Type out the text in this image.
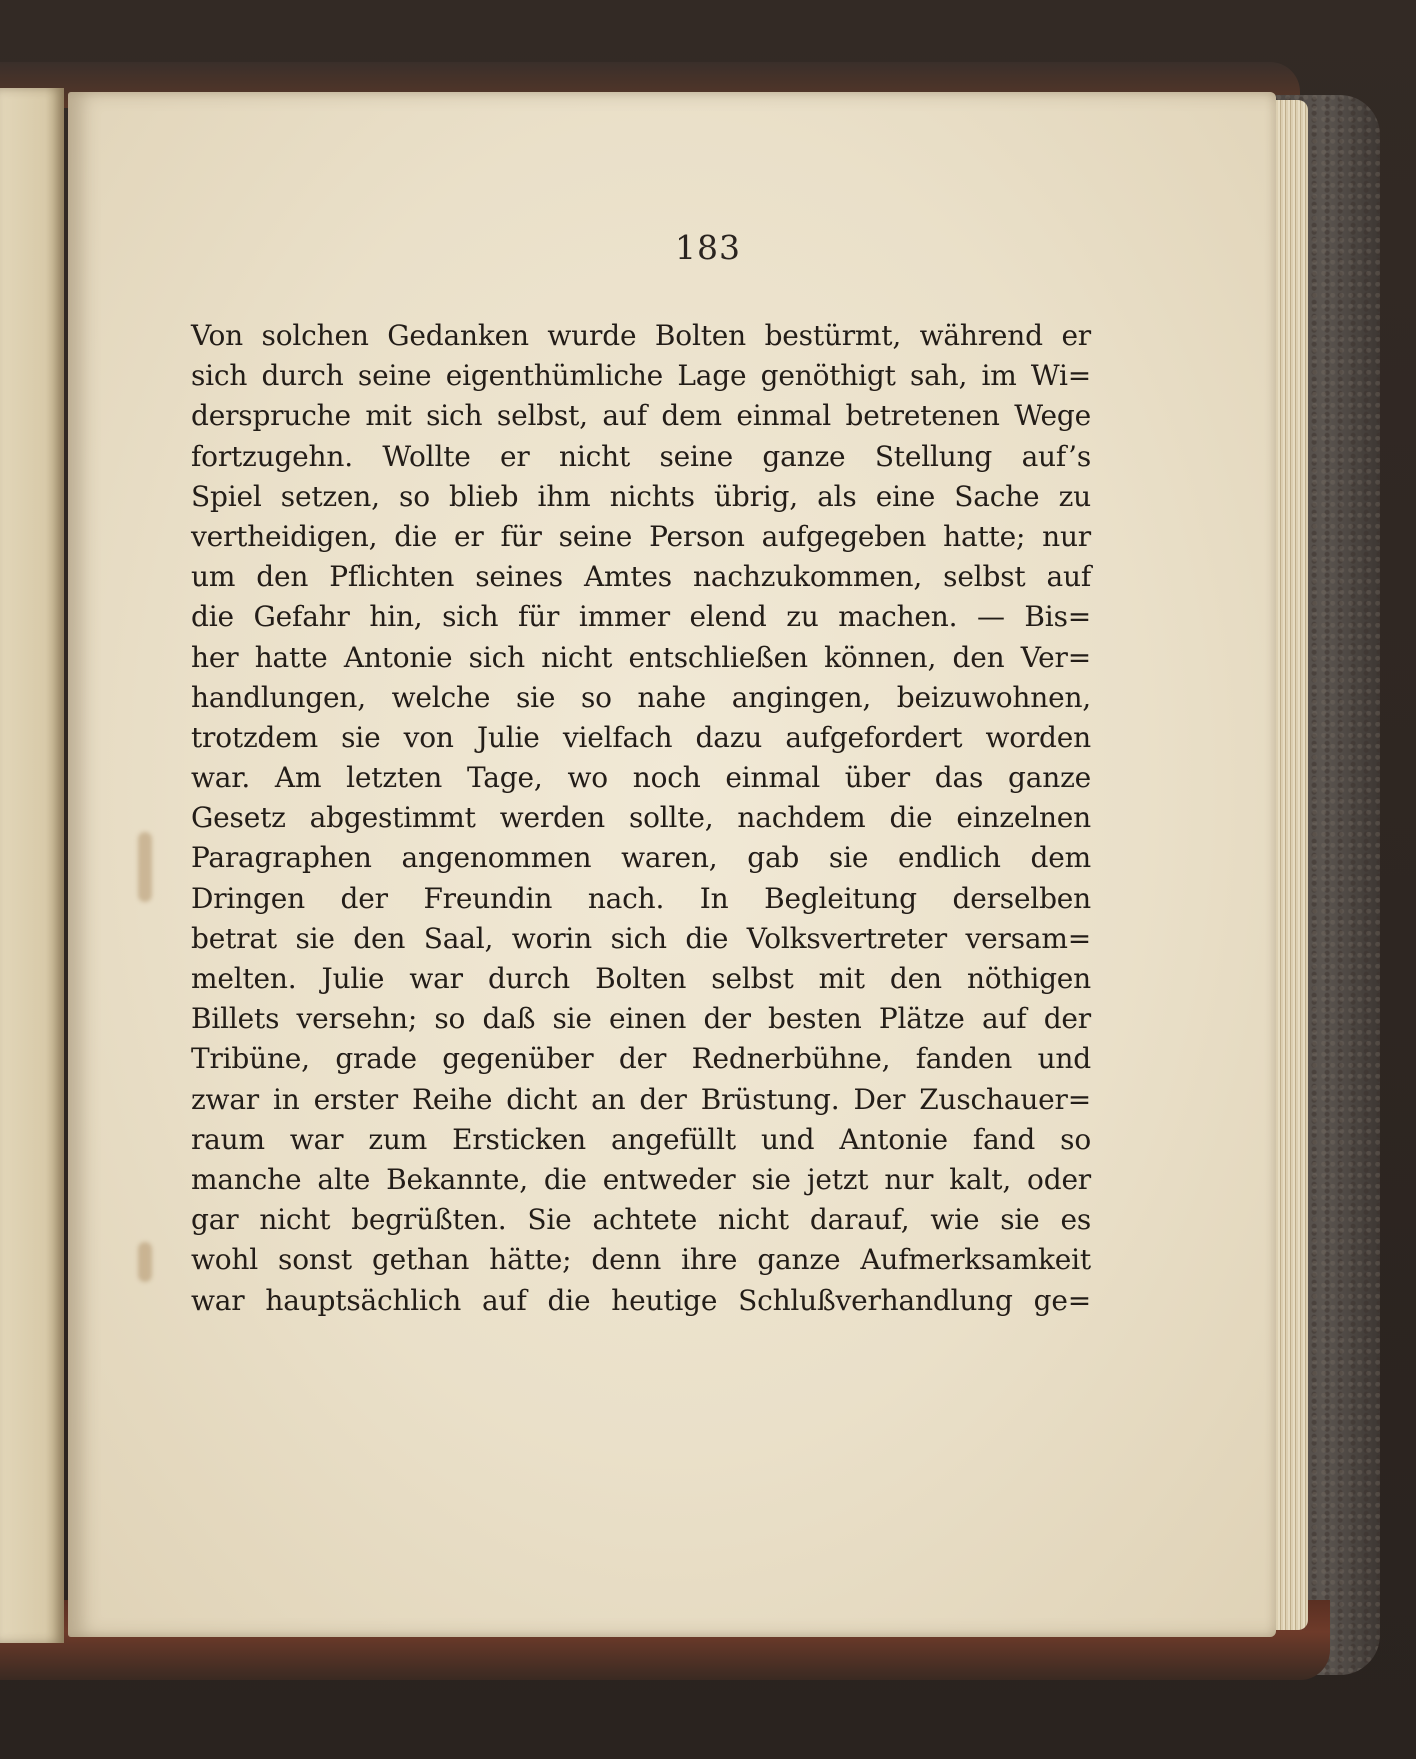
183
Von solchen Gedanken wurde Bolten bestürmt, während er
sich durch seine eigenthümliche Lage genöthigt sah, im Wi=
derspruche mit sich selbst, auf dem einmal betretenen Wege
fortzugehn. Wollte er nicht seine ganze Stellung auf’s
Spiel setzen, so blieb ihm nichts übrig, als eine Sache zu
vertheidigen, die er für seine Person aufgegeben hatte; nur
um den Pflichten seines Amtes nachzukommen, selbst auf
die Gefahr hin, sich für immer elend zu machen. — Bis=
her hatte Antonie sich nicht entschließen können, den Ver=
handlungen, welche sie so nahe angingen, beizuwohnen,
trotzdem sie von Julie vielfach dazu aufgefordert worden
war. Am letzten Tage, wo noch einmal über das ganze
Gesetz abgestimmt werden sollte, nachdem die einzelnen
Paragraphen angenommen waren, gab sie endlich dem
Dringen der Freundin nach. In Begleitung derselben
betrat sie den Saal, worin sich die Volksvertreter versam=
melten. Julie war durch Bolten selbst mit den nöthigen
Billets versehn; so daß sie einen der besten Plätze auf der
Tribüne, grade gegenüber der Rednerbühne, fanden und
zwar in erster Reihe dicht an der Brüstung. Der Zuschauer=
raum war zum Ersticken angefüllt und Antonie fand so
manche alte Bekannte, die entweder sie jetzt nur kalt, oder
gar nicht begrüßten. Sie achtete nicht darauf, wie sie es
wohl sonst gethan hätte; denn ihre ganze Aufmerksamkeit
war hauptsächlich auf die heutige Schlußverhandlung ge=
